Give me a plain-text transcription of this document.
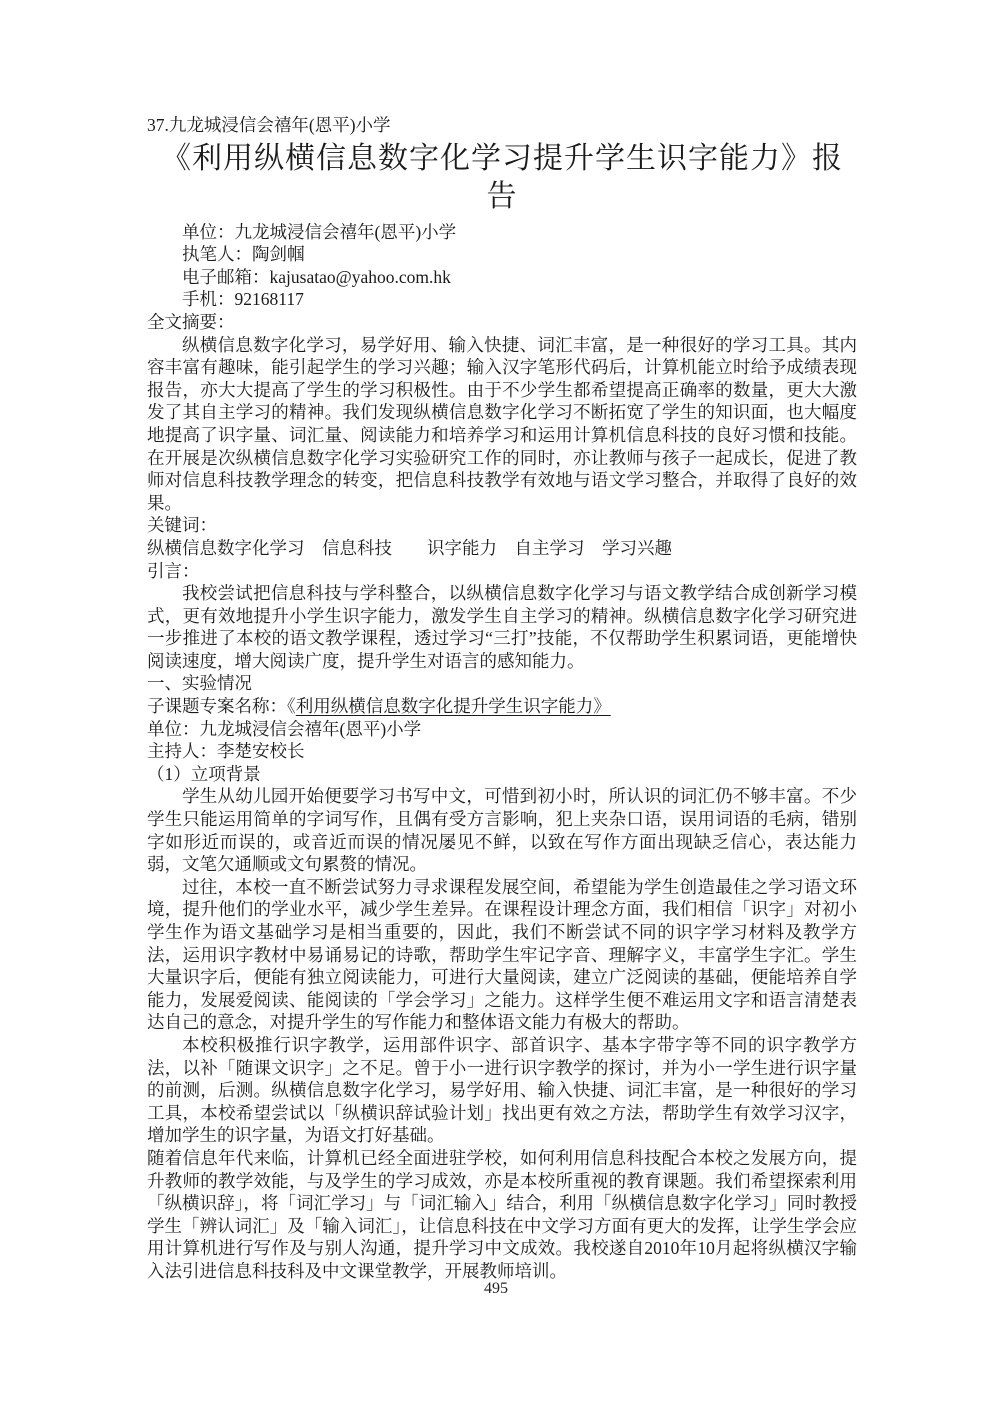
37.九龙城浸信会禧年(恩平)小学
《利用纵横信息数字化学习提升学生识字能力》报告
单位：九龙城浸信会禧年(恩平)小学
执笔人：陶剑帼
电子邮箱：kajusatao@yahoo.com.hk
手机：92168117
全文摘要：

纵横信息数字化学习，易学好用、输入快捷、词汇丰富，是一种很好的学习工具。其内容丰富有趣味，能引起学生的学习兴趣；输入汉字笔形代码后，计算机能立时给予成绩表现报告，亦大大提高了学生的学习积极性。由于不少学生都希望提高正确率的数量，更大大激发了其自主学习的精神。我们发现纵横信息数字化学习不断拓宽了学生的知识面，也大幅度地提高了识字量、词汇量、阅读能力和培养学习和运用计算机信息科技的良好习惯和技能。在开展是次纵横信息数字化学习实验研究工作的同时，亦让教师与孩子一起成长，促进了教师对信息科技教学理念的转变，把信息科技教学有效地与语文学习整合，并取得了良好的效果。

关键词：
纵横信息数字化学习　信息科技　　识字能力　自主学习　学习兴趣
引言：

我校尝试把信息科技与学科整合，以纵横信息数字化学习与语文教学结合成创新学习模式，更有效地提升小学生识字能力，激发学生自主学习的精神。纵横信息数字化学习研究进一步推进了本校的语文教学课程，透过学习“三打”技能，不仅帮助学生积累词语，更能增快阅读速度，增大阅读广度，提升学生对语言的感知能力。

一、实验情况
子课题专案名称：《利用纵横信息数字化提升学生识字能力》
单位：九龙城浸信会禧年(恩平)小学
主持人：李楚安校长
（1）立项背景

学生从幼儿园开始便要学习书写中文，可惜到初小时，所认识的词汇仍不够丰富。不少学生只能运用简单的字词写作，且偶有受方言影响，犯上夹杂口语，误用词语的毛病，错别字如形近而误的，或音近而误的情况屡见不鲜，以致在写作方面出现缺乏信心，表达能力弱，文笔欠通顺或文句累赘的情况。

过往，本校一直不断尝试努力寻求课程发展空间，希望能为学生创造最佳之学习语文环境，提升他们的学业水平，减少学生差异。在课程设计理念方面，我们相信「识字」对初小学生作为语文基础学习是相当重要的，因此，我们不断尝试不同的识字学习材料及教学方法，运用识字教材中易诵易记的诗歌，帮助学生牢记字音、理解字义，丰富学生字汇。学生大量识字后，便能有独立阅读能力，可进行大量阅读，建立广泛阅读的基础，便能培养自学能力，发展爱阅读、能阅读的「学会学习」之能力。这样学生便不难运用文字和语言清楚表达自己的意念，对提升学生的写作能力和整体语文能力有极大的帮助。

本校积极推行识字教学，运用部件识字、部首识字、基本字带字等不同的识字教学方法，以补「随课文识字」之不足。曾于小一进行识字教学的探讨，并为小一学生进行识字量的前测，后测。纵横信息数字化学习，易学好用、输入快捷、词汇丰富，是一种很好的学习工具，本校希望尝试以「纵横识辞试验计划」找出更有效之方法，帮助学生有效学习汉字，增加学生的识字量，为语文打好基础。

随着信息年代来临，计算机已经全面进驻学校，如何利用信息科技配合本校之发展方向，提升教师的教学效能，与及学生的学习成效，亦是本校所重视的教育课题。我们希望探索利用「纵横识辞」，将「词汇学习」与「词汇输入」结合，利用「纵横信息数字化学习」同时教授学生「辨认词汇」及「输入词汇」，让信息科技在中文学习方面有更大的发挥，让学生学会应用计算机进行写作及与别人沟通，提升学习中文成效。我校遂自2010年10月起将纵横汉字输入法引进信息科技科及中文课堂教学，开展教师培训。

495
